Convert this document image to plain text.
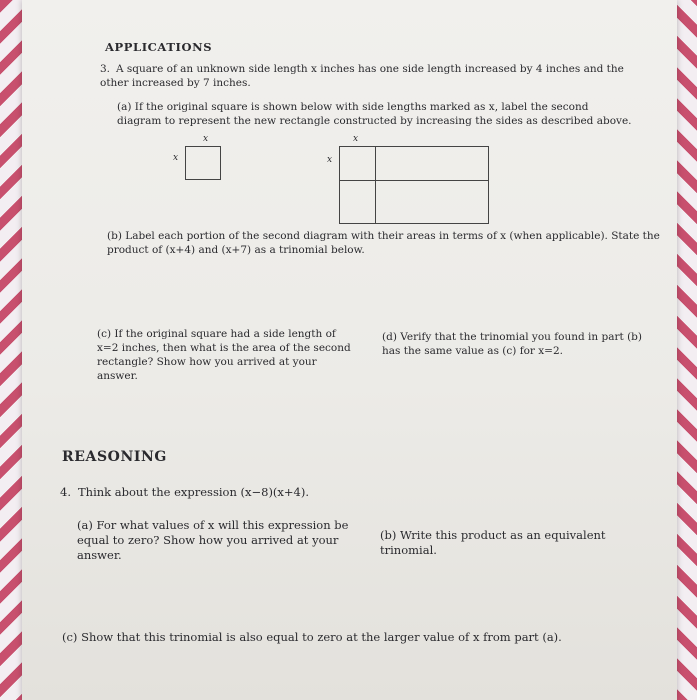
APPLICATIONS
3. A square of an unknown side length x inches has one side length increased by 4 inches and the other increased by 7 inches.
(a) If the original square is shown below with side lengths marked as x, label the second diagram to represent the new rectangle constructed by increasing the sides as described above.
x
x
x
x
(b) Label each portion of the second diagram with their areas in terms of x (when applicable). State the product of (x+4) and (x+7) as a trinomial below.
(c) If the original square had a side length of x=2 inches, then what is the area of the second rectangle? Show how you arrived at your answer.
(d) Verify that the trinomial you found in part (b) has the same value as (c) for x=2.
REASONING
4. Think about the expression (x−8)(x+4).
(a) For what values of x will this expression be equal to zero? Show how you arrived at your answer.
(b) Write this product as an equivalent trinomial.
(c) Show that this trinomial is also equal to zero at the larger value of x from part (a).
